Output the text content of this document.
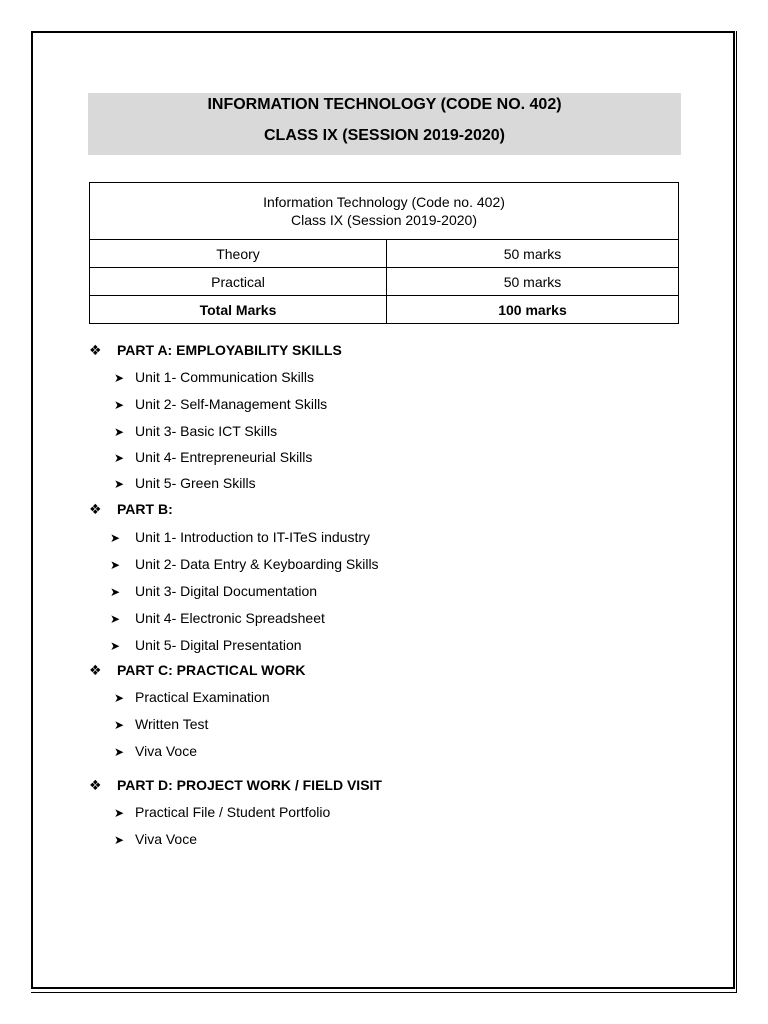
INFORMATION TECHNOLOGY (CODE NO. 402)
CLASS IX (SESSION 2019-2020)
Information Technology (Code no. 402)
Class IX (Session 2019-2020)	

Theory	50 marks
Practical	50 marks
Total Marks	100 marks
❖ PART A: EMPLOYABILITY SKILLS
➤ Unit 1- Communication Skills
➤ Unit 2- Self-Management Skills
➤ Unit 3- Basic ICT Skills
➤ Unit 4- Entrepreneurial Skills
➤ Unit 5- Green Skills
❖ PART B:
➤ Unit 1- Introduction to IT-ITeS industry
➤ Unit 2- Data Entry & Keyboarding Skills
➤ Unit 3- Digital Documentation
➤ Unit 4- Electronic Spreadsheet
➤ Unit 5- Digital Presentation
❖ PART C: PRACTICAL WORK
➤ Practical Examination
➤ Written Test
➤ Viva Voce
❖ PART D: PROJECT WORK / FIELD VISIT
➤ Practical File / Student Portfolio
➤ Viva Voce
